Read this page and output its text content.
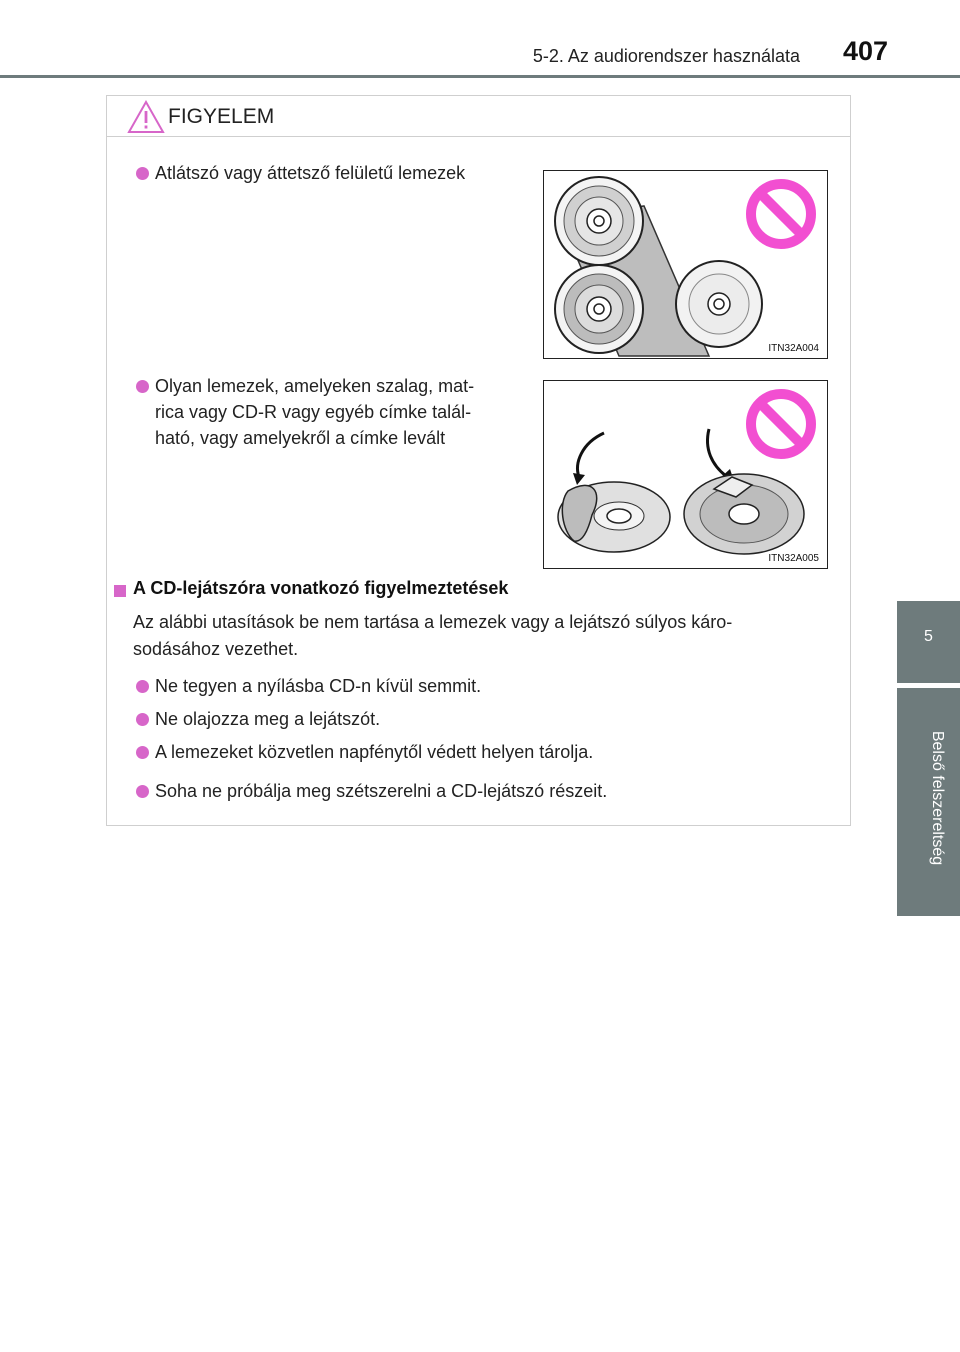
5-2. Az audiorendszer használata	407
5
Belső felszereltség
FIGYELEM
Atlátszó vagy áttetsző felületű lemezek
ITN32A004
Olyan lemezek, amelyeken szalag, mat-
rica vagy CD-R vagy egyéb címke talál-
ható, vagy amelyekről a címke levált
ITN32A005
A CD-lejátszóra vonatkozó figyelmeztetések
Az alábbi utasítások be nem tartása a lemezek vagy a lejátszó súlyos káro-
sodásához vezethet.
Ne tegyen a nyílásba CD-n kívül semmit.
Ne olajozza meg a lejátszót.
A lemezeket közvetlen napfénytől védett helyen tárolja.
Soha ne próbálja meg szétszerelni a CD-lejátszó részeit.
